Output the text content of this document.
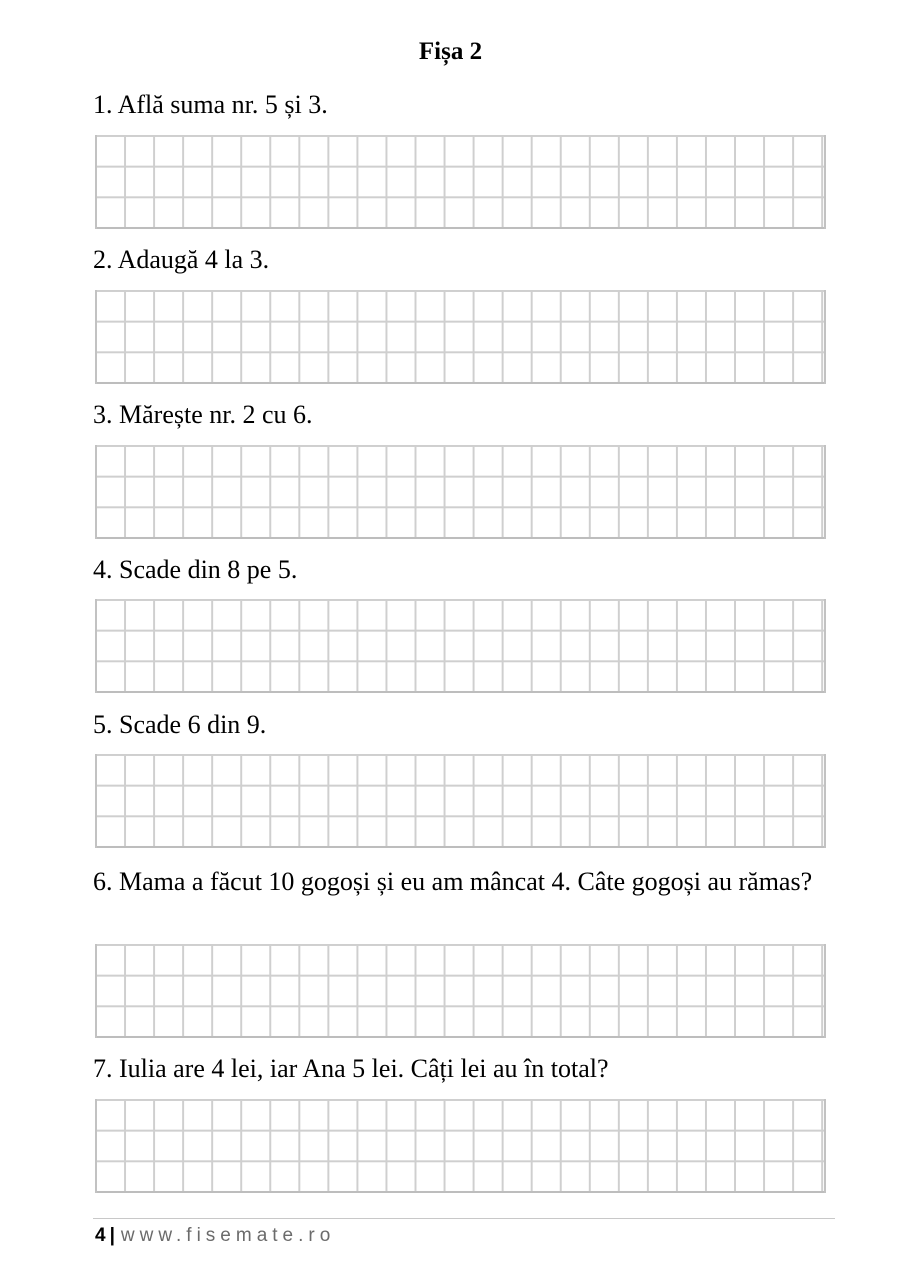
Fișa 2

1. Află suma nr. 5 și 3.

2. Adaugă 4 la 3.

3. Mărește nr. 2 cu 6.

4. Scade din 8 pe 5.

5. Scade 6 din 9.

6. Mama a făcut 10 gogoși și eu am mâncat 4. Câte gogoși au rămas?

7. Iulia are 4 lei, iar Ana 5 lei. Câți lei au în total?

4 | www.fisemate.ro
